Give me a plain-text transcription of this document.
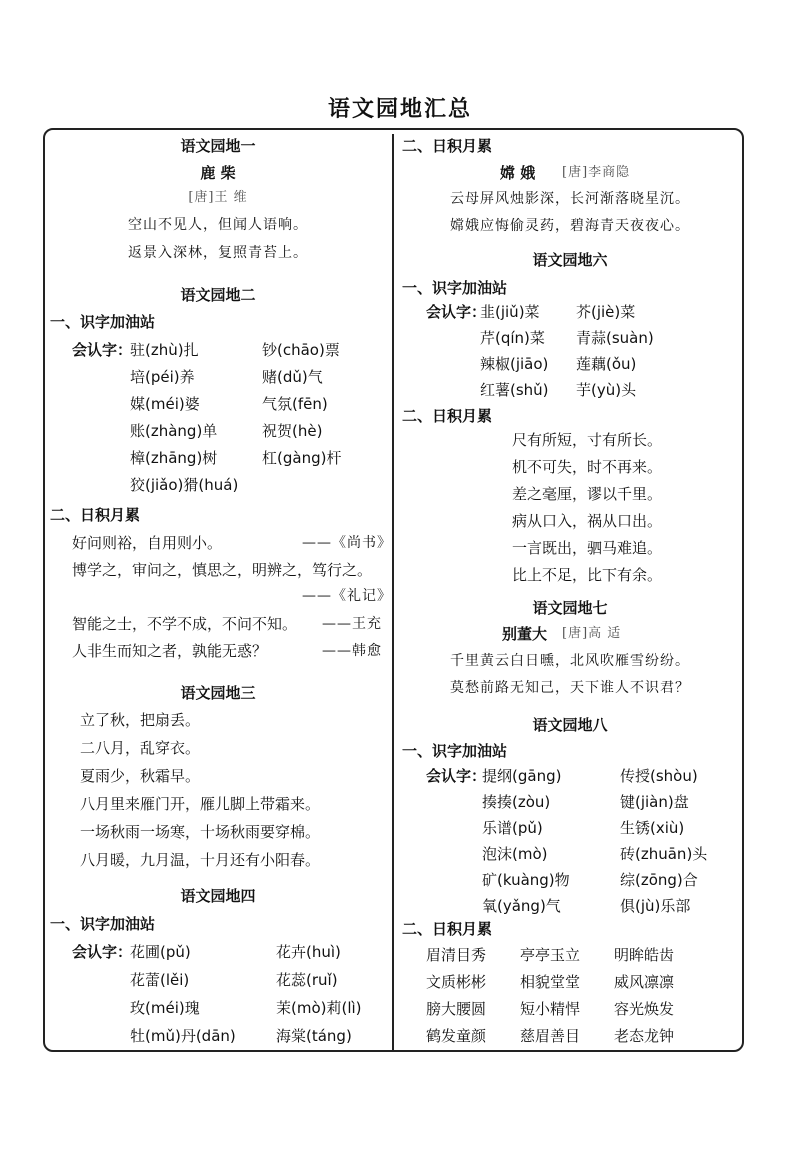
语文园地汇总
语文园地一
鹿 柴
[唐]王 维
空山不见人，但闻人语响。
返景入深林，复照青苔上。
语文园地二
一、识字加油站
会认字：
驻(zhù)扎	钞(chāo)票
培(péi)养	赌(dǔ)气
媒(méi)婆	气氛(fēn)
账(zhàng)单	祝贺(hè)
樟(zhāng)树	杠(gàng)杆
狡(jiǎo)猾(huá)
二、日积月累
好问则裕，自用则小。	——《尚书》
博学之，审问之，慎思之，明辨之，笃行之。
——《礼记》
智能之士，不学不成，不问不知。 ——王充
人非生而知之者，孰能无惑？	——韩愈
语文园地三
立了秋，把扇丢。
二八月，乱穿衣。
夏雨少，秋霜早。
八月里来雁门开，雁儿脚上带霜来。
一场秋雨一场寒，十场秋雨要穿棉。
八月暖，九月温，十月还有小阳春。
语文园地四
一、识字加油站
会认字：
花圃(pǔ)	花卉(huì)
花蕾(lěi)	花蕊(ruǐ)
玫(méi)瑰	茉(mò)莉(lì)
牡(mǔ)丹(dān)	海棠(táng)
二、日积月累
嫦 娥 [唐]李商隐
云母屏风烛影深，长河渐落晓星沉。
嫦娥应悔偷灵药，碧海青天夜夜心。
语文园地六
一、识字加油站
会认字：
韭(jiǔ)菜 芥(jiè)菜
芹(qín)菜 青蒜(suàn)
辣椒(jiāo) 莲藕(ǒu)
红薯(shǔ) 芋(yù)头
二、日积月累
尺有所短，寸有所长。
机不可失，时不再来。
差之毫厘，谬以千里。
病从口入，祸从口出。
一言既出，驷马难追。
比上不足，比下有余。
语文园地七
别董大 [唐]高 适
千里黄云白日曛，北风吹雁雪纷纷。
莫愁前路无知己，天下谁人不识君？
语文园地八
一、识字加油站
会认字：
提纲(gāng)	传授(shòu)
揍揍(zòu)	键(jiàn)盘
乐谱(pǔ)	生锈(xiù)
泡沫(mò)	砖(zhuān)头
矿(kuàng)物	综(zōng)合
氧(yǎng)气	俱(jù)乐部
二、日积月累
眉清目秀 亭亭玉立 明眸皓齿
文质彬彬 相貌堂堂 威风凛凛
膀大腰圆 短小精悍 容光焕发
鹤发童颜 慈眉善目 老态龙钟
